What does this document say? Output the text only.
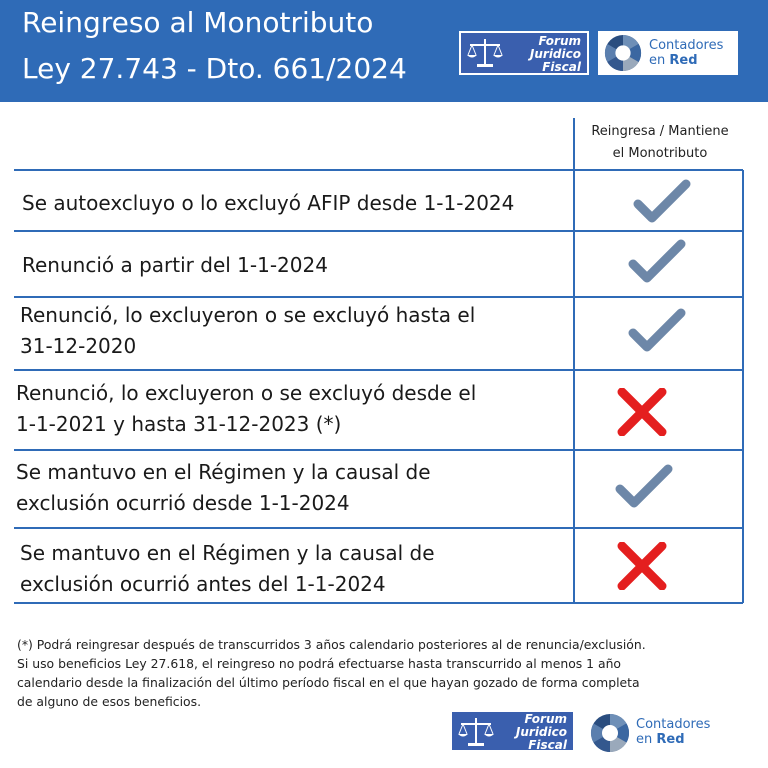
Reingreso al Monotributo
Ley 27.743 - Dto. 661/2024
Forum
Juridico
Fiscal
Contadores
en Red
Reingresa / Mantiene
el Monotributo
Se autoexcluyo o lo excluyó AFIP desde 1-1-2024
Renunció a partir del 1-1-2024
Renunció, lo excluyeron o se excluyó hasta el
31-12-2020
Renunció, lo excluyeron o se excluyó desde el
1-1-2021 y hasta 31-12-2023 (*)
Se mantuvo en el Régimen y la causal de
exclusión ocurrió desde 1-1-2024
Se mantuvo en el Régimen y la causal de
exclusión ocurrió antes del 1-1-2024
(*) Podrá reingresar después de transcurridos 3 años calendario posteriores al de renuncia/exclusión.
Si uso beneficios Ley 27.618, el reingreso no podrá efectuarse hasta transcurrido al menos 1 año
calendario desde la finalización del último período fiscal en el que hayan gozado de forma completa
de alguno de esos beneficios.
Forum
Juridico
Fiscal
Contadores
en Red
